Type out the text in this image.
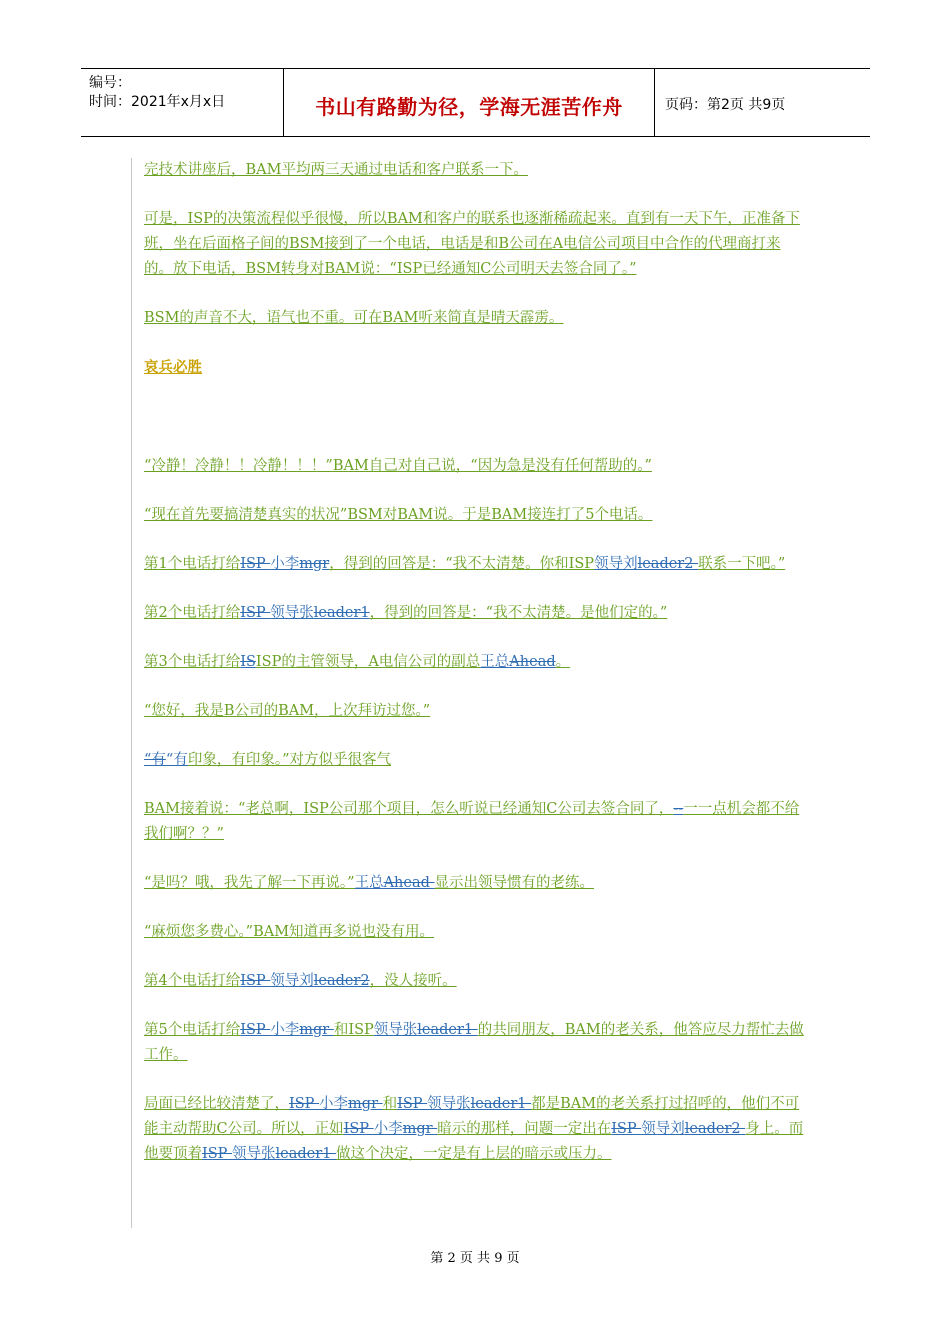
编号：
时间：2021年x月x日	书山有路勤为径，学海无涯苦作舟	页码：第2页 共9页

完技术讲座后，BAM平均两三天通过电话和客户联系一下。

可是，ISP的决策流程似乎很慢，所以BAM和客户的联系也逐渐稀疏起来。直到有一天下午，正准备下班，坐在后面格子间的BSM接到了一个电话，电话是和B公司在A电信公司项目中合作的代理商打来的。放下电话，BSM转身对BAM说：“ISP已经通知C公司明天去签合同了。”

BSM的声音不大，语气也不重。可在BAM听来简直是晴天霹雳。

哀兵必胜

“冷静！冷静！！冷静！！！”BAM自己对自己说，“因为急是没有任何帮助的。”

“现在首先要搞清楚真实的状况”BSM对BAM说。于是BAM接连打了5个电话。

第1个电话打给ISP 小李mgr，得到的回答是：“我不太清楚。你和ISP领导刘leader2 联系一下吧。”

第2个电话打给ISP 领导张leader1，得到的回答是：“我不太清楚。是他们定的。”

第3个电话打给ISISP的主管领导，A电信公司的副总王总Ahead。

“您好，我是B公司的BAM，上次拜访过您。”

“有“有印象，有印象。”对方似乎很客气

BAM接着说：“老总啊，ISP公司那个项目，怎么听说已经通知C公司去签合同了，--一一点机会都不给我们啊？？”

“是吗？哦，我先了解一下再说。”王总Ahead 显示出领导惯有的老练。

“麻烦您多费心。”BAM知道再多说也没有用。

第4个电话打给ISP 领导刘leader2，没人接听。

第5个电话打给ISP 小李mgr 和ISP领导张leader1 的共同朋友，BAM的老关系，他答应尽力帮忙去做工作。

局面已经比较清楚了，ISP 小李mgr 和ISP 领导张leader1 都是BAM的老关系打过招呼的，他们不可能主动帮助C公司。所以，正如ISP 小李mgr 暗示的那样，问题一定出在ISP 领导刘leader2 身上。而他要顶着ISP 领导张leader1 做这个决定，一定是有上层的暗示或压力。

第 2 页 共 9 页
